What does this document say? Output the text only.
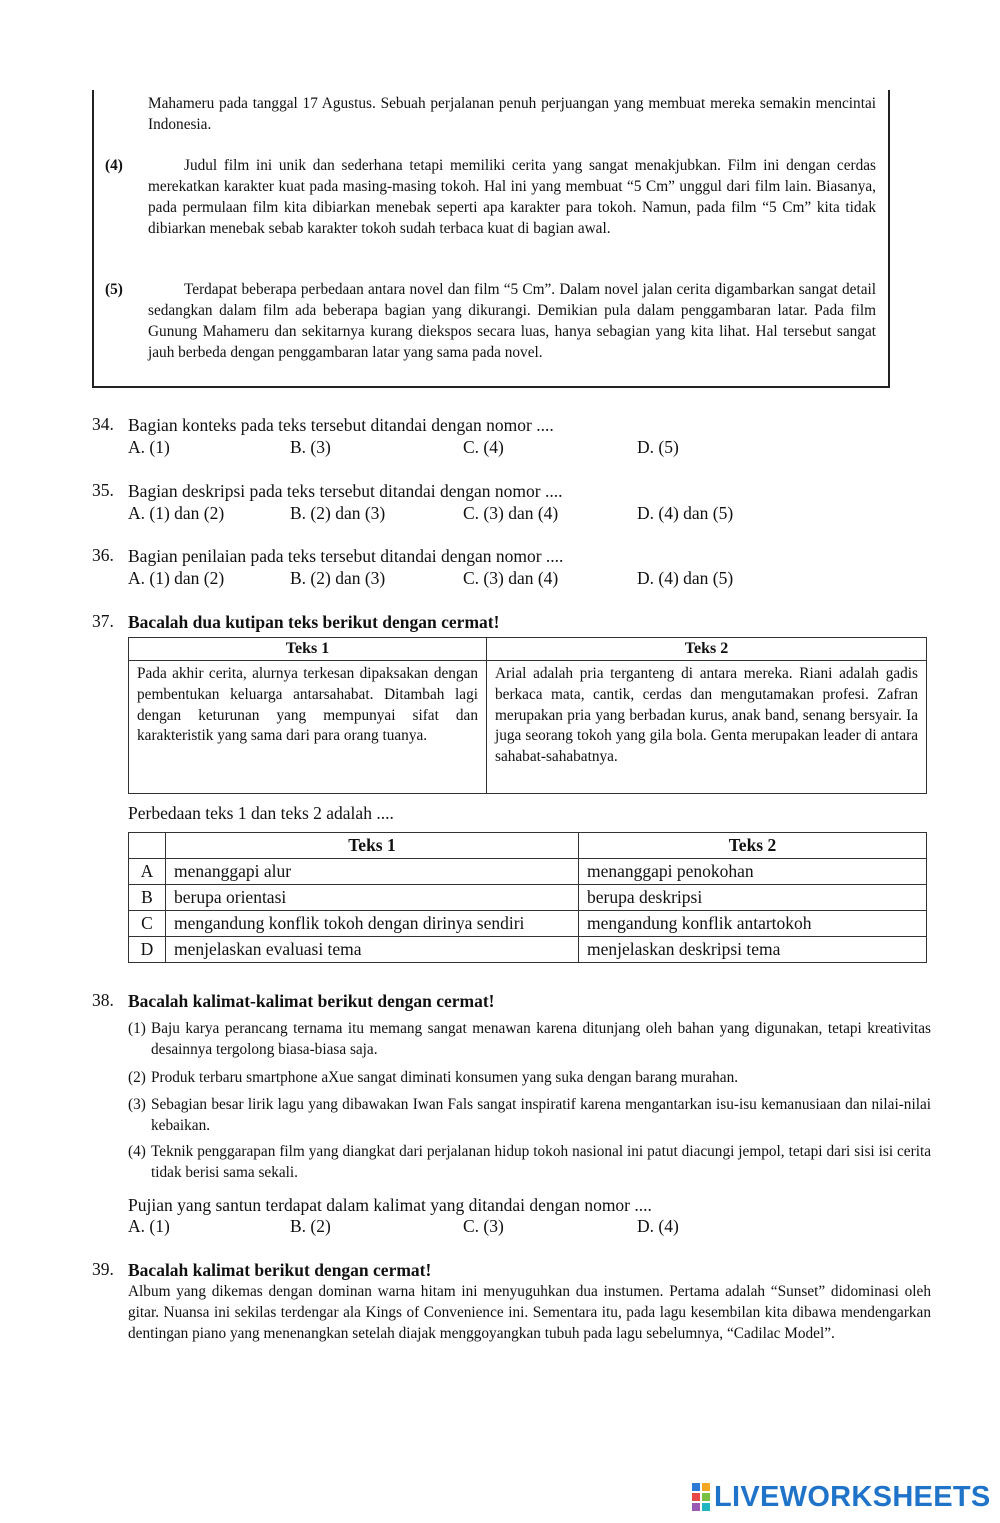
Mahameru pada tanggal 17 Agustus. Sebuah perjalanan penuh perjuangan yang membuat mereka semakin mencintai Indonesia.
(4)	Judul film ini unik dan sederhana tetapi memiliki cerita yang sangat menakjubkan. Film ini dengan cerdas merekatkan karakter kuat pada masing-masing tokoh. Hal ini yang membuat “5 Cm” unggul dari film lain. Biasanya, pada permulaan film kita dibiarkan menebak seperti apa karakter para tokoh. Namun, pada film “5 Cm” kita tidak dibiarkan menebak sebab karakter tokoh sudah terbaca kuat di bagian awal.
(5)	Terdapat beberapa perbedaan antara novel dan film “5 Cm”. Dalam novel jalan cerita digambarkan sangat detail sedangkan dalam film ada beberapa bagian yang dikurangi. Demikian pula dalam penggambaran latar. Pada film Gunung Mahameru dan sekitarnya kurang diekspos secara luas, hanya sebagian yang kita lihat. Hal tersebut sangat jauh berbeda dengan penggambaran latar yang sama pada novel.
34. Bagian konteks pada teks tersebut ditandai dengan nomor ....
A. (1)	B. (3)	C. (4)	D. (5)
35. Bagian deskripsi pada teks tersebut ditandai dengan nomor ....
A. (1) dan (2)	B. (2) dan (3)	C. (3) dan (4)	D. (4) dan (5)
36. Bagian penilaian pada teks tersebut ditandai dengan nomor ....
A. (1) dan (2)	B. (2) dan (3)	C. (3) dan (4)	D. (4) dan (5)
37. Bacalah dua kutipan teks berikut dengan cermat!
Teks 1	Teks 2
Pada akhir cerita, alurnya terkesan dipaksakan dengan pembentukan keluarga antarsahabat. Ditambah lagi dengan keturunan yang mempunyai sifat dan karakteristik yang sama dari para orang tuanya.	Arial adalah pria terganteng di antara mereka. Riani adalah gadis berkaca mata, cantik, cerdas dan mengutamakan profesi. Zafran merupakan pria yang berbadan kurus, anak band, senang bersyair. Ia juga seorang tokoh yang gila bola. Genta merupakan leader di antara sahabat-sahabatnya.
Perbedaan teks 1 dan teks 2 adalah ....
	Teks 1	Teks 2
A	menanggapi alur	menanggapi penokohan
B	berupa orientasi	berupa deskripsi
C	mengandung konflik tokoh dengan dirinya sendiri	mengandung konflik antartokoh
D	menjelaskan evaluasi tema	menjelaskan deskripsi tema
38. Bacalah kalimat-kalimat berikut dengan cermat!
(1) Baju karya perancang ternama itu memang sangat menawan karena ditunjang oleh bahan yang digunakan, tetapi kreativitas desainnya tergolong biasa-biasa saja.
(2) Produk terbaru smartphone aXue sangat diminati konsumen yang suka dengan barang murahan.
(3) Sebagian besar lirik lagu yang dibawakan Iwan Fals sangat inspiratif karena mengantarkan isu-isu kemanusiaan dan nilai-nilai kebaikan.
(4) Teknik penggarapan film yang diangkat dari perjalanan hidup tokoh nasional ini patut diacungi jempol, tetapi dari sisi isi cerita tidak berisi sama sekali.
Pujian yang santun terdapat dalam kalimat yang ditandai dengan nomor ....
A. (1)	B. (2)	C. (3)	D. (4)
39. Bacalah kalimat berikut dengan cermat!
Album yang dikemas dengan dominan warna hitam ini menyuguhkan dua instumen. Pertama adalah “Sunset” didominasi oleh gitar. Nuansa ini sekilas terdengar ala Kings of Convenience ini. Sementara itu, pada lagu kesembilan kita dibawa mendengarkan dentingan piano yang menenangkan setelah diajak menggoyangkan tubuh pada lagu sebelumnya, “Cadilac Model”.
LIVEWORKSHEETS
